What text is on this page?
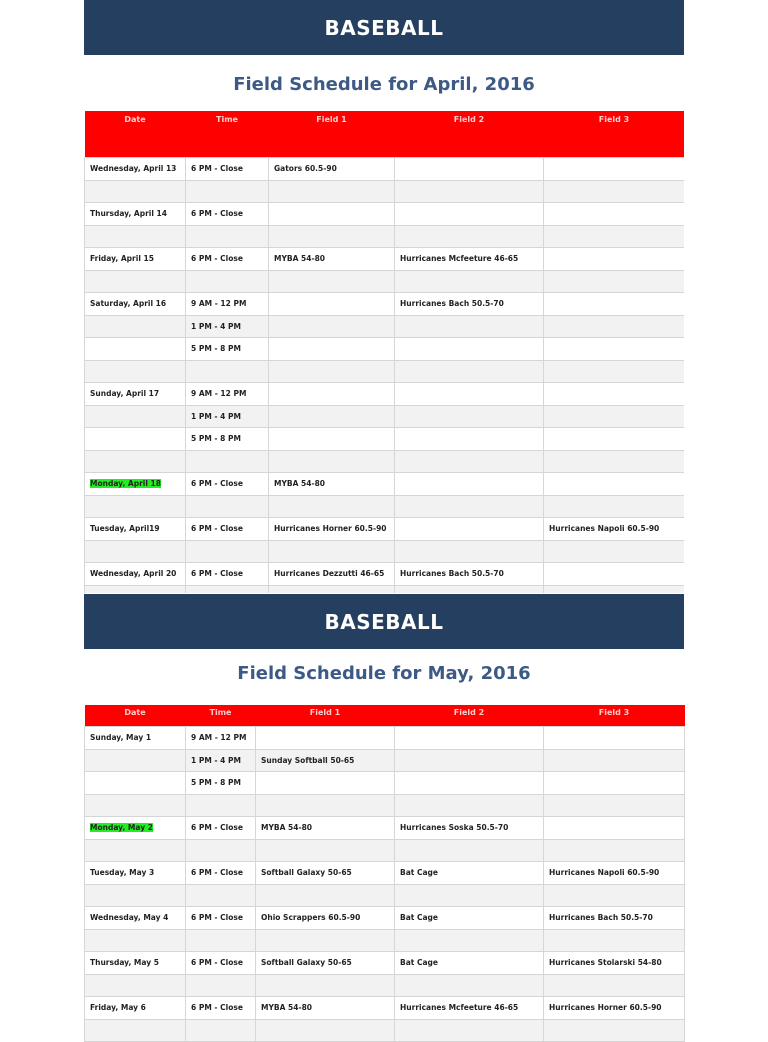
BASEBALL
Field Schedule for April, 2016
Date	Time	Field 1	Field 2	Field 3
Wednesday, April 13	6 PM - Close	Gators 60.5-90		

Thursday, April 14	6 PM - Close			

Friday, April 15	6 PM - Close	MYBA 54-80	Hurricanes Mcfeeture 46-65	

Saturday, April 16	9 AM - 12 PM		Hurricanes Bach 50.5-70	
	1 PM - 4 PM			
	5 PM - 8 PM			

Sunday, April 17	9 AM - 12 PM			
	1 PM - 4 PM			
	5 PM - 8 PM			

Monday, April 18	6 PM - Close	MYBA 54-80		

Tuesday, April19	6 PM - Close	Hurricanes Horner 60.5-90		Hurricanes Napoli 60.5-90

Wednesday, April 20	6 PM - Close	Hurricanes Dezzutti 46-65	Hurricanes Bach 50.5-70	

BASEBALL
Field Schedule for May, 2016
Date	Time	Field 1	Field 2	Field 3
Sunday, May 1	9 AM - 12 PM			
	1 PM - 4 PM	Sunday Softball 50-65		
	5 PM - 8 PM			

Monday, May 2	6 PM - Close	MYBA 54-80	Hurricanes Soska 50.5-70	

Tuesday, May 3	6 PM - Close	Softball Galaxy 50-65	Bat Cage	Hurricanes Napoli 60.5-90

Wednesday, May 4	6 PM - Close	Ohio Scrappers 60.5-90	Bat Cage	Hurricanes Bach 50.5-70

Thursday, May 5	6 PM - Close	Softball Galaxy 50-65	Bat Cage	Hurricanes Stolarski 54-80

Friday, May 6	6 PM - Close	MYBA 54-80	Hurricanes Mcfeeture 46-65	Hurricanes Horner 60.5-90
